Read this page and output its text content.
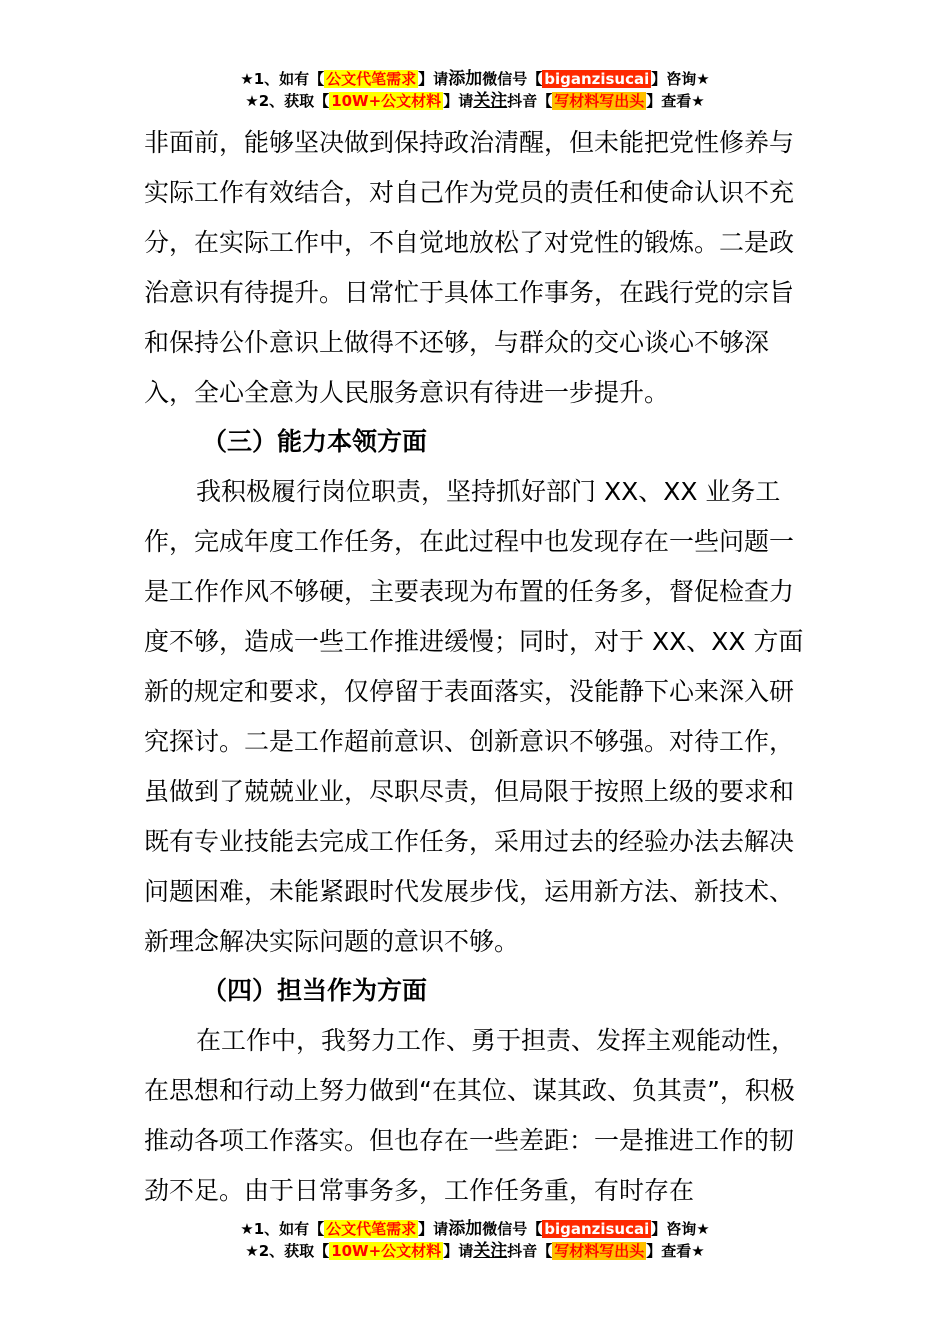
★1、如有【 公文代笔需求 】请添加微信号【 biganzisucai 】咨询★
★2、获取【 10W+公文材料 】请关注抖音【 写材料写出头 】查看★

非面前，能够坚决做到保持政治清醒，但未能把党性修养与实际工作有效结合，对自己作为党员的责任和使命认识不充分，在实际工作中，不自觉地放松了对党性的锻炼。二是政治意识有待提升。日常忙于具体工作事务，在践行党的宗旨和保持公仆意识上做得不还够，与群众的交心谈心不够深入，全心全意为人民服务意识有待进一步提升。

（三）能力本领方面

我积极履行岗位职责，坚持抓好部门 XX、XX 业务工作，完成年度工作任务，在此过程中也发现存在一些问题一是工作作风不够硬，主要表现为布置的任务多，督促检查力度不够，造成一些工作推进缓慢；同时，对于 XX、XX 方面新的规定和要求，仅停留于表面落实，没能静下心来深入研究探讨。二是工作超前意识、创新意识不够强。对待工作，虽做到了兢兢业业，尽职尽责，但局限于按照上级的要求和既有专业技能去完成工作任务，采用过去的经验办法去解决问题困难，未能紧跟时代发展步伐，运用新方法、新技术、新理念解决实际问题的意识不够。

（四）担当作为方面

在工作中，我努力工作、勇于担责、发挥主观能动性，在思想和行动上努力做到“在其位、谋其政、负其责”，积极推动各项工作落实。但也存在一些差距：一是推进工作的韧劲不足。由于日常事务多，工作任务重，有时存在

★1、如有【 公文代笔需求 】请添加微信号【 biganzisucai 】咨询★
★2、获取【 10W+公文材料 】请关注抖音【 写材料写出头 】查看★
